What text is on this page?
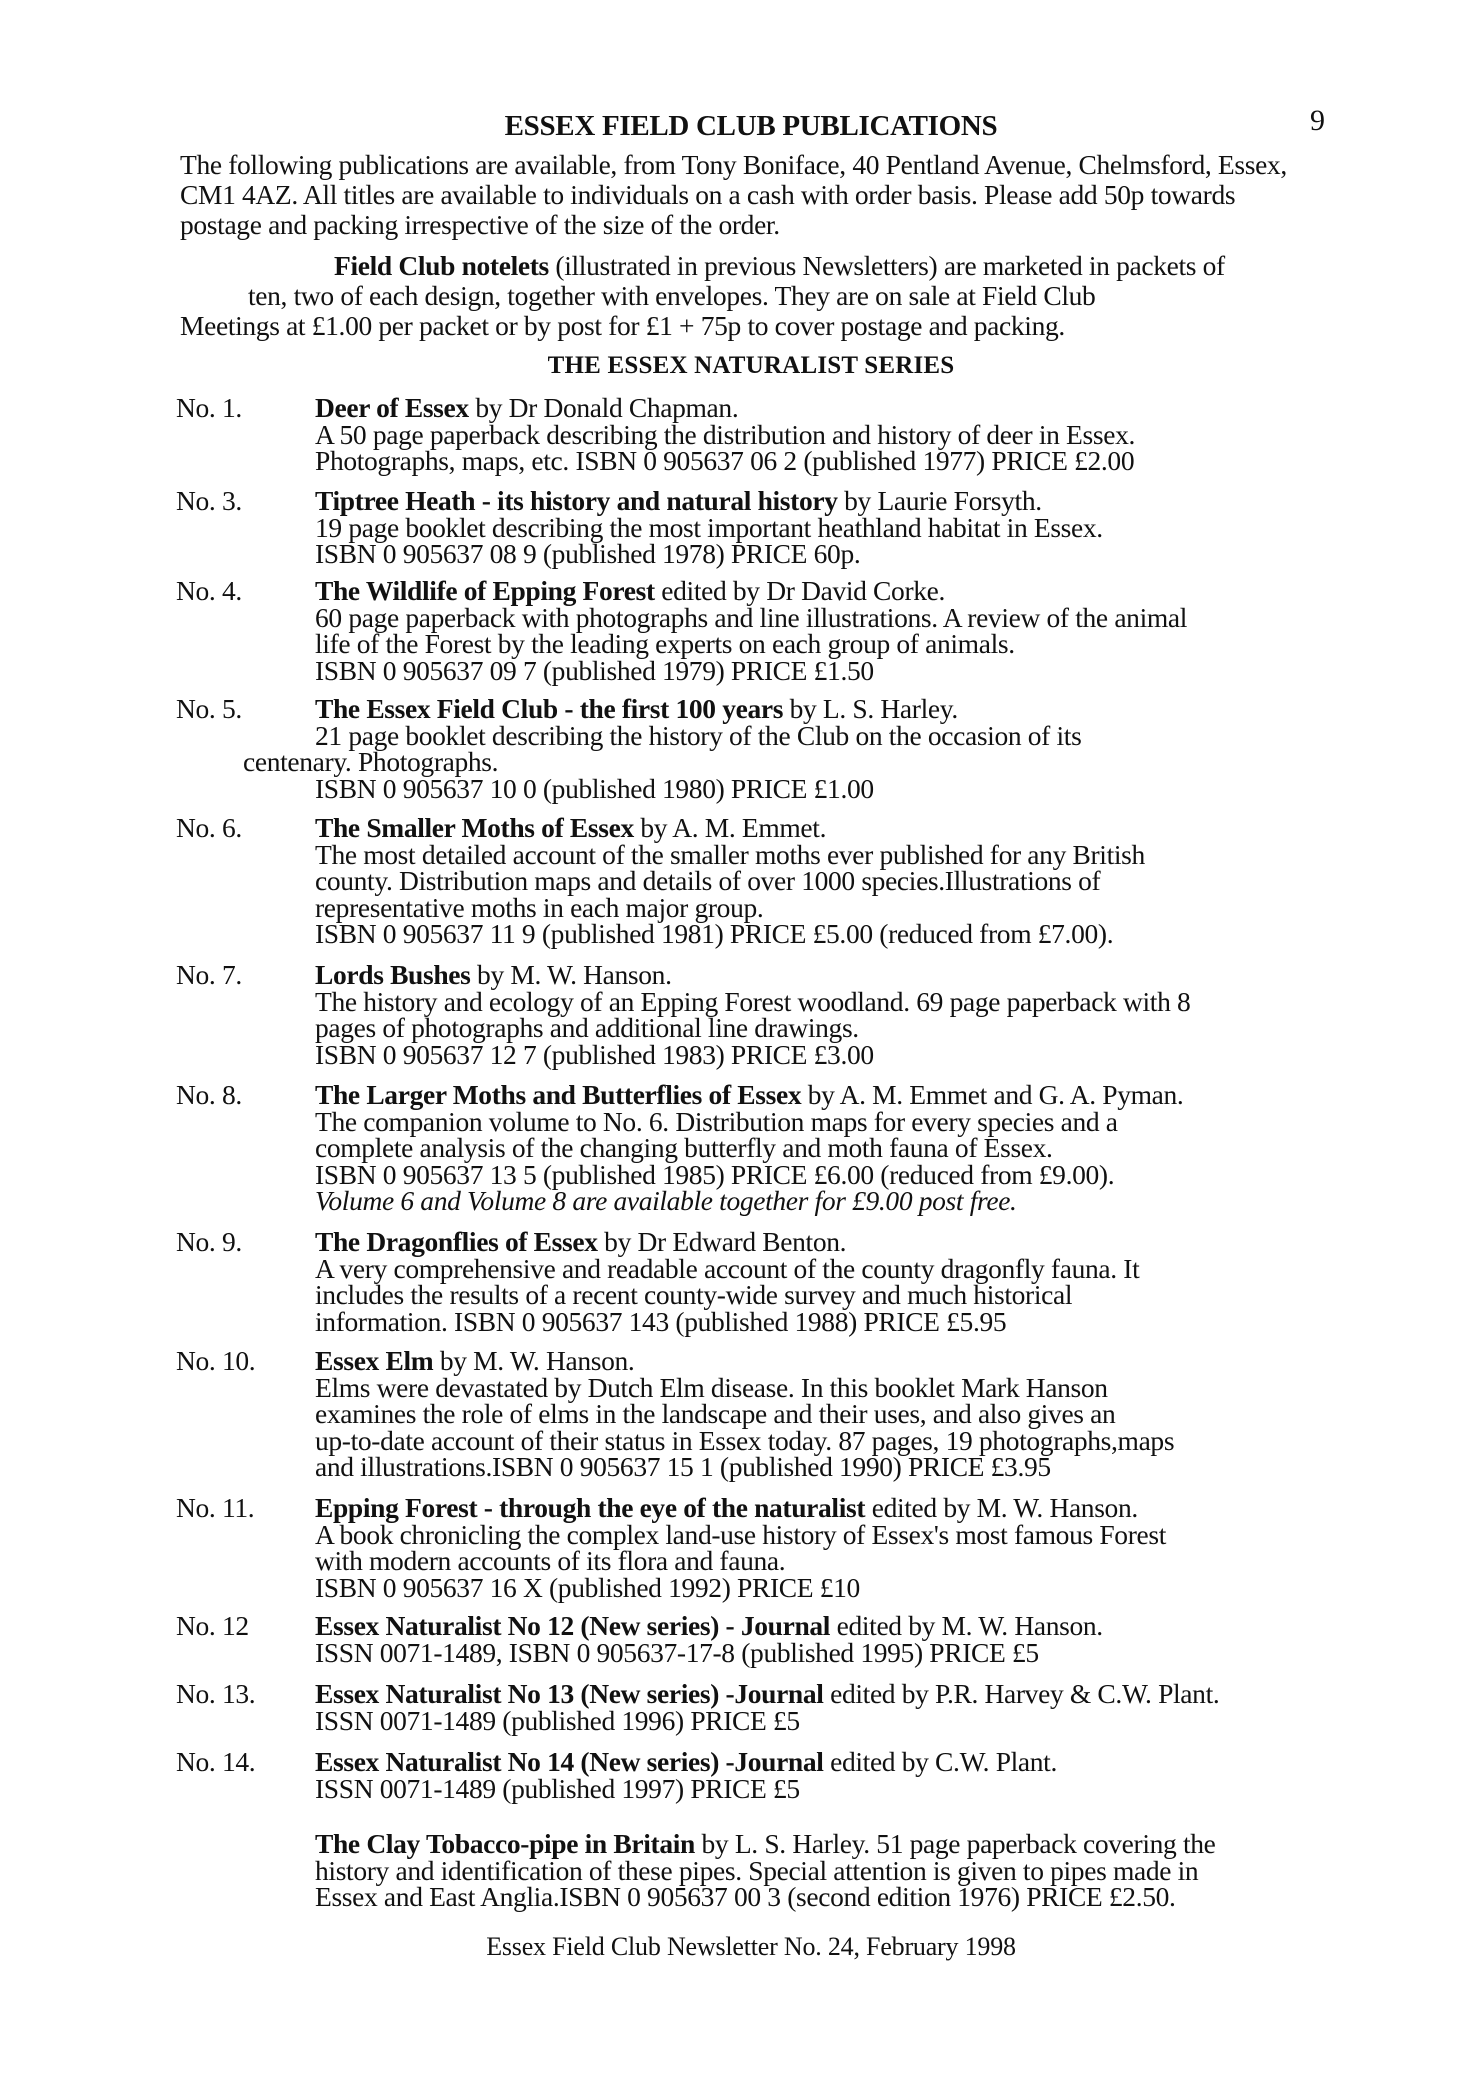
9
ESSEX FIELD CLUB PUBLICATIONS
The following publications are available, from Tony Boniface, 40 Pentland Avenue, Chelmsford, Essex,
CM1 4AZ. All titles are available to individuals on a cash with order basis. Please add 50p towards
postage and packing irrespective of the size of the order.
Field Club notelets (illustrated in previous Newsletters) are marketed in packets of
ten, two of each design, together with envelopes. They are on sale at Field Club
Meetings at £1.00 per packet or by post for £1 + 75p to cover postage and packing.
THE ESSEX NATURALIST SERIES
No. 1.	Deer of Essex by Dr Donald Chapman.
A 50 page paperback describing the distribution and history of deer in Essex.
Photographs, maps, etc. ISBN 0 905637 06 2 (published 1977) PRICE £2.00
No. 3.	Tiptree Heath - its history and natural history by Laurie Forsyth.
19 page booklet describing the most important heathland habitat in Essex.
ISBN 0 905637 08 9 (published 1978) PRICE 60p.
No. 4.	The Wildlife of Epping Forest edited by Dr David Corke.
60 page paperback with photographs and line illustrations. A review of the animal
life of the Forest by the leading experts on each group of animals.
ISBN 0 905637 09 7 (published 1979) PRICE £1.50
No. 5.	The Essex Field Club - the first 100 years by L. S. Harley.
21 page booklet describing the history of the Club on the occasion of its
centenary. Photographs.
ISBN 0 905637 10 0 (published 1980) PRICE £1.00
No. 6.	The Smaller Moths of Essex by A. M. Emmet.
The most detailed account of the smaller moths ever published for any British
county. Distribution maps and details of over 1000 species.Illustrations of
representative moths in each major group.
ISBN 0 905637 11 9 (published 1981) PRICE £5.00 (reduced from £7.00).
No. 7.	Lords Bushes by M. W. Hanson.
The history and ecology of an Epping Forest woodland. 69 page paperback with 8
pages of photographs and additional line drawings.
ISBN 0 905637 12 7 (published 1983) PRICE £3.00
No. 8.	The Larger Moths and Butterflies of Essex by A. M. Emmet and G. A. Pyman.
The companion volume to No. 6. Distribution maps for every species and a
complete analysis of the changing butterfly and moth fauna of Essex.
ISBN 0 905637 13 5 (published 1985) PRICE £6.00 (reduced from £9.00).
Volume 6 and Volume 8 are available together for £9.00 post free.
No. 9.	The Dragonflies of Essex by Dr Edward Benton.
A very comprehensive and readable account of the county dragonfly fauna. It
includes the results of a recent county-wide survey and much historical
information. ISBN 0 905637 143 (published 1988) PRICE £5.95
No. 10. Essex Elm by M. W. Hanson.
Elms were devastated by Dutch Elm disease. In this booklet Mark Hanson
examines the role of elms in the landscape and their uses, and also gives an
up-to-date account of their status in Essex today. 87 pages, 19 photographs,maps
and illustrations.ISBN 0 905637 15 1 (published 1990) PRICE £3.95
No. 11. Epping Forest - through the eye of the naturalist edited by M. W. Hanson.
A book chronicling the complex land-use history of Essex's most famous Forest
with modern accounts of its flora and fauna.
ISBN 0 905637 16 X (published 1992) PRICE £10
No. 12 Essex Naturalist No 12 (New series) - Journal edited by M. W. Hanson.
ISSN 0071-1489, ISBN 0 905637-17-8 (published 1995) PRICE £5
No. 13. Essex Naturalist No 13 (New series) -Journal edited by P.R. Harvey & C.W. Plant.
ISSN 0071-1489 (published 1996) PRICE £5
No. 14. Essex Naturalist No 14 (New series) -Journal edited by C.W. Plant.
ISSN 0071-1489 (published 1997) PRICE £5
The Clay Tobacco-pipe in Britain by L. S. Harley. 51 page paperback covering the
history and identification of these pipes. Special attention is given to pipes made in
Essex and East Anglia.ISBN 0 905637 00 3 (second edition 1976) PRICE £2.50.
Essex Field Club Newsletter No. 24, February 1998
